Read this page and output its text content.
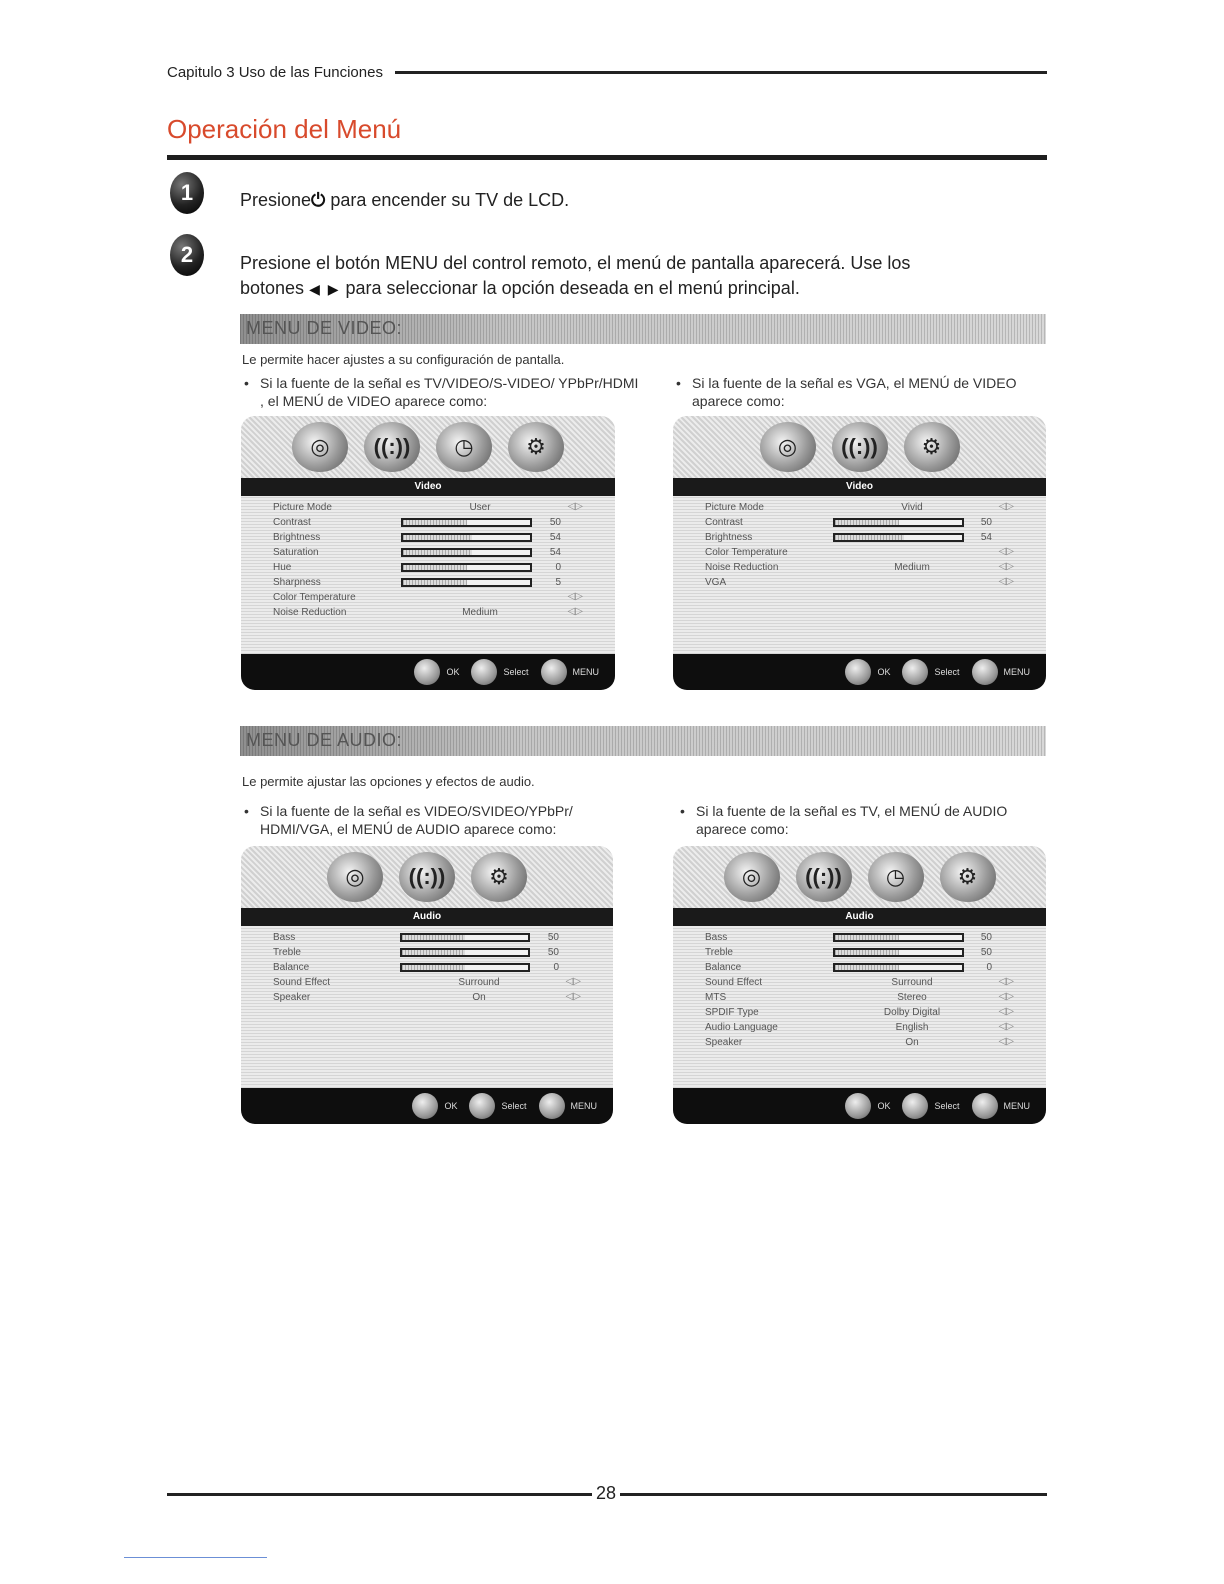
Capitulo 3 Uso de las Funciones
Operación del Menú
1	Presione⏻ para encender su TV de LCD.
2	Presione el botón MENU del control remoto, el menú de pantalla aparecerá. Use los
botones ◀ ▶ para seleccionar la opción deseada en el menú principal.
MENU DE VIDEO:
Le permite hacer ajustes a su configuración de pantalla.
• Si la fuente de la señal es TV/VIDEO/S-VIDEO/ YPbPr/HDMI , el MENÚ de VIDEO aparece como:
• Si la fuente de la señal es VGA, el MENÚ de VIDEO aparece como:
◎	((:))	◷	⚙
Video
Picture Mode	User	◁▷
Contrast	50
Brightness	54
Saturation	54
Hue	0
Sharpness	5
Color Temperature	◁▷
Noise Reduction	Medium	◁▷
OK	Select	MENU
◎	((:))	⚙
Video
Picture Mode	Vivid	◁▷
Contrast	50
Brightness	54
Color Temperature	◁▷
Noise Reduction	Medium	◁▷
VGA	◁▷
OK	Select	MENU
MENU DE AUDIO:
Le permite ajustar las opciones y efectos de audio.
• Si la fuente de la señal es VIDEO/SVIDEO/YPbPr/ HDMI/VGA, el MENÚ de AUDIO aparece como:
• Si la fuente de la señal es TV, el MENÚ de AUDIO aparece como:
◎	((:))	⚙
Audio
Bass	50
Treble	50
Balance	0
Sound Effect	Surround	◁▷
Speaker	On	◁▷
OK	Select	MENU
◎	((:))	◷	⚙
Audio
Bass	50
Treble	50
Balance	0
Sound Effect	Surround	◁▷
MTS	Stereo	◁▷
SPDIF Type	Dolby Digital	◁▷
Audio Language	English	◁▷
Speaker	On	◁▷
OK	Select	MENU
28
